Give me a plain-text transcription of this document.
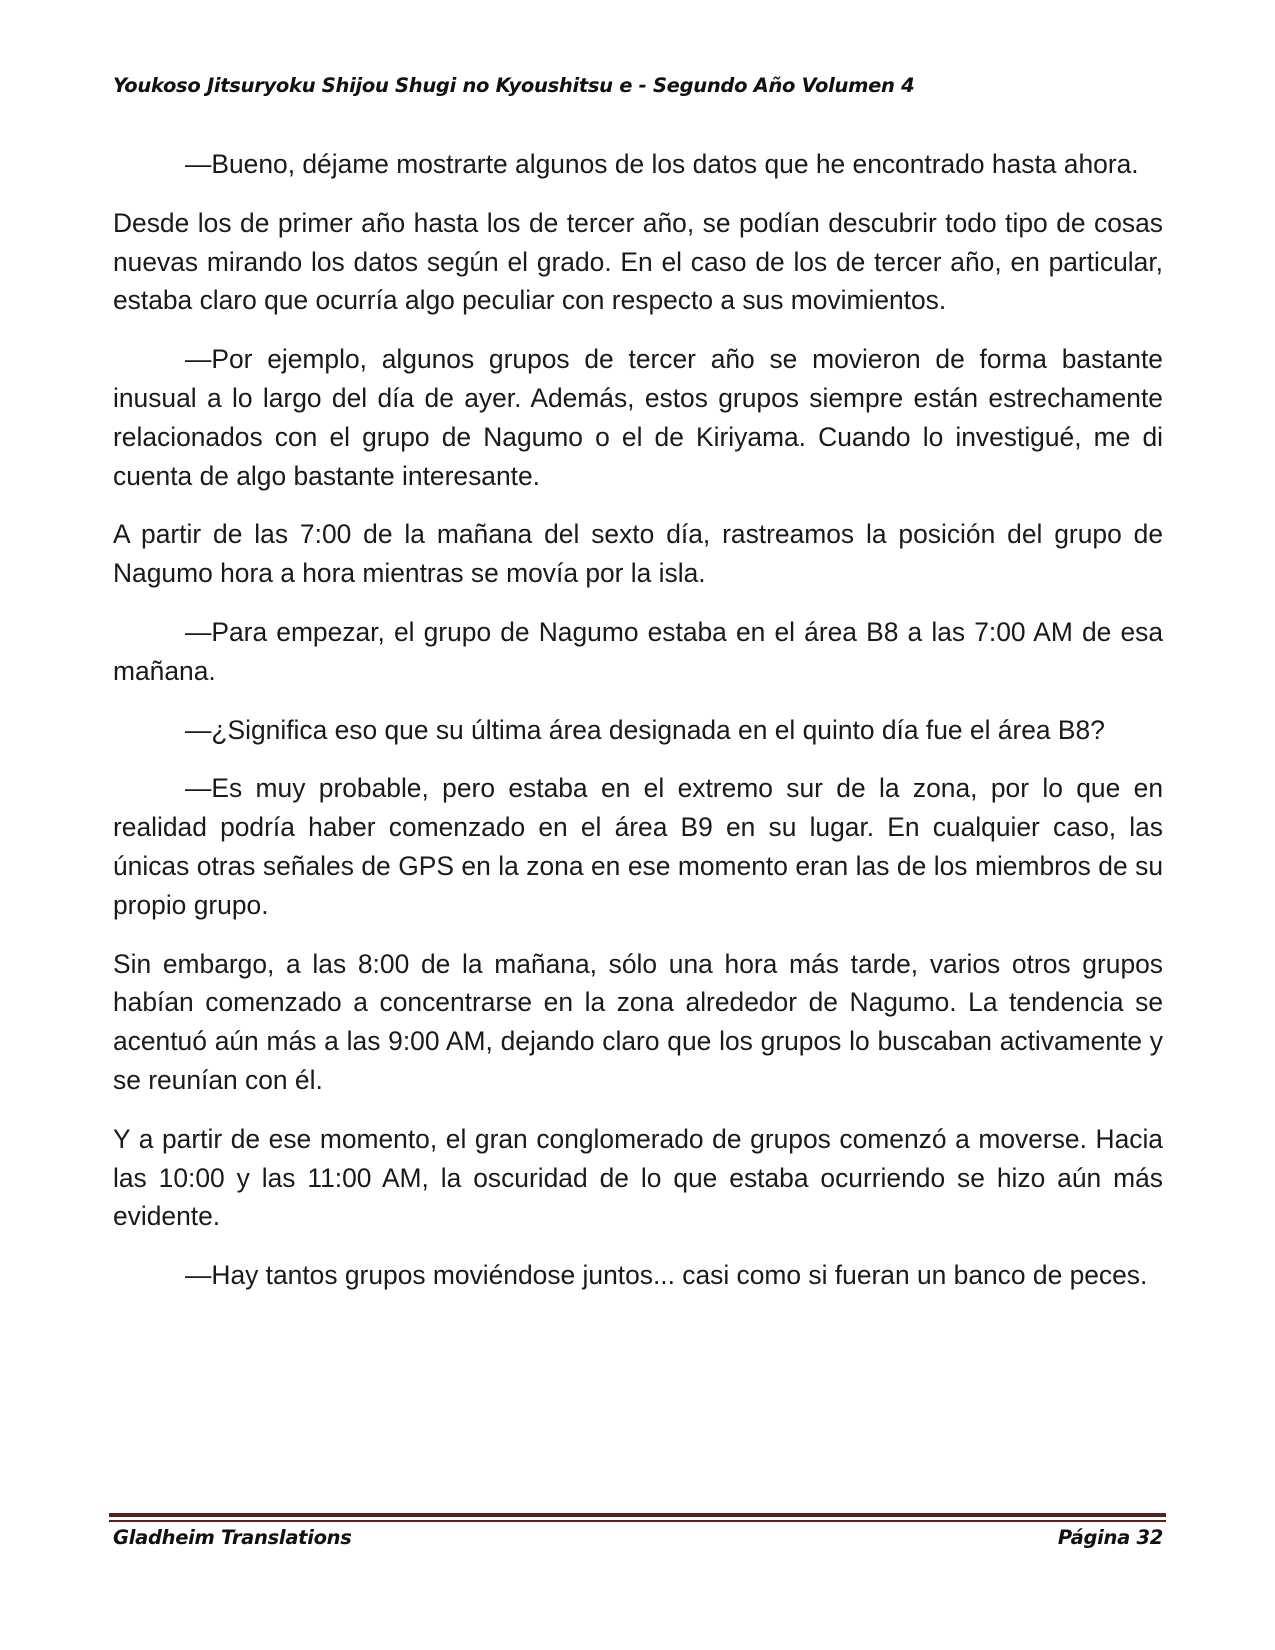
Youkoso Jitsuryoku Shijou Shugi no Kyoushitsu e - Segundo Año Volumen 4

—Bueno, déjame mostrarte algunos de los datos que he encontrado hasta ahora.

Desde los de primer año hasta los de tercer año, se podían descubrir todo tipo de cosas nuevas mirando los datos según el grado. En el caso de los de tercer año, en particular, estaba claro que ocurría algo peculiar con respecto a sus movimientos.

—Por ejemplo, algunos grupos de tercer año se movieron de forma bastante inusual a lo largo del día de ayer. Además, estos grupos siempre están estrechamente relacionados con el grupo de Nagumo o el de Kiriyama. Cuando lo investigué, me di cuenta de algo bastante interesante.

A partir de las 7:00 de la mañana del sexto día, rastreamos la posición del grupo de Nagumo hora a hora mientras se movía por la isla.

—Para empezar, el grupo de Nagumo estaba en el área B8 a las 7:00 AM de esa mañana.

—¿Significa eso que su última área designada en el quinto día fue el área B8?

—Es muy probable, pero estaba en el extremo sur de la zona, por lo que en realidad podría haber comenzado en el área B9 en su lugar. En cualquier caso, las únicas otras señales de GPS en la zona en ese momento eran las de los miembros de su propio grupo.

Sin embargo, a las 8:00 de la mañana, sólo una hora más tarde, varios otros grupos habían comenzado a concentrarse en la zona alrededor de Nagumo. La tendencia se acentuó aún más a las 9:00 AM, dejando claro que los grupos lo buscaban activamente y se reunían con él.

Y a partir de ese momento, el gran conglomerado de grupos comenzó a moverse. Hacia las 10:00 y las 11:00 AM, la oscuridad de lo que estaba ocurriendo se hizo aún más evidente.

—Hay tantos grupos moviéndose juntos... casi como si fueran un banco de peces.

Gladheim Translations	Página 32
